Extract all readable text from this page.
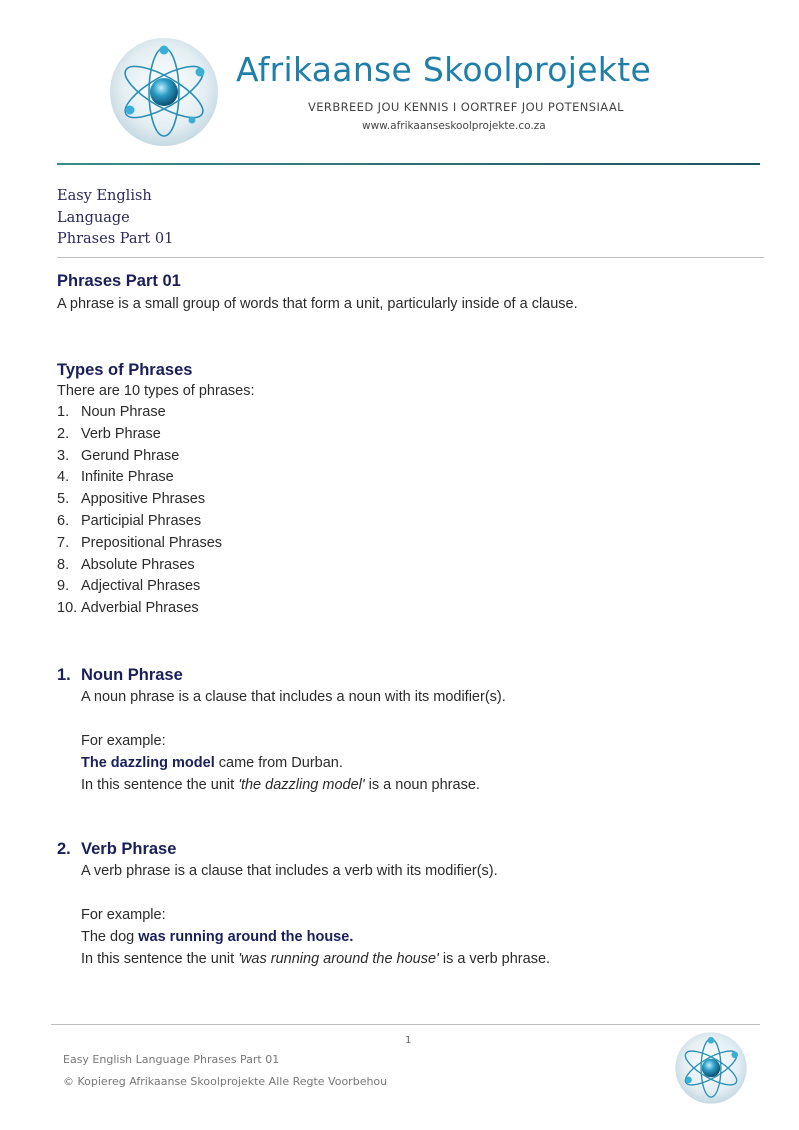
Afrikaanse Skoolprojekte
VERBREED JOU KENNIS I OORTREF JOU POTENSIAAL
www.afrikaanseskoolprojekte.co.za
Easy English
Language
Phrases Part 01
Phrases Part 01
A phrase is a small group of words that form a unit, particularly inside of a clause.
Types of Phrases
There are 10 types of phrases:
1. Noun Phrase
2. Verb Phrase
3. Gerund Phrase
4. Infinite Phrase
5. Appositive Phrases
6. Participial Phrases
7. Prepositional Phrases
8. Absolute Phrases
9. Adjectival Phrases
10. Adverbial Phrases
1. Noun Phrase
A noun phrase is a clause that includes a noun with its modifier(s).
For example:
The dazzling model came from Durban.
In this sentence the unit 'the dazzling model' is a noun phrase.
2. Verb Phrase
A verb phrase is a clause that includes a verb with its modifier(s).
For example:
The dog was running around the house.
In this sentence the unit 'was running around the house' is a verb phrase.
1
Easy English Language Phrases Part 01
© Kopiereg Afrikaanse Skoolprojekte Alle Regte Voorbehou
